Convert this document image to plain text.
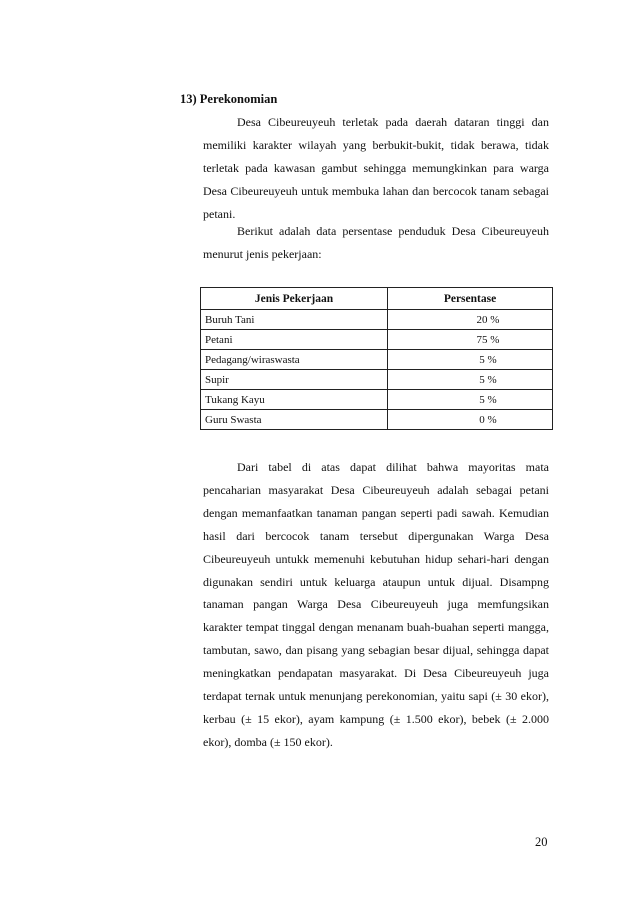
13) Perekonomian

Desa Cibeureuyeuh terletak pada daerah dataran tinggi dan memiliki karakter wilayah yang berbukit-bukit, tidak berawa, tidak terletak pada kawasan gambut sehingga memungkinkan para warga Desa Cibeureuyeuh untuk membuka lahan dan bercocok tanam sebagai petani.

Berikut adalah data persentase penduduk Desa Cibeureuyeuh menurut jenis pekerjaan:

Jenis Pekerjaan	Persentase
Buruh Tani	20 %
Petani	75 %
Pedagang/wiraswasta	5 %
Supir	5 %
Tukang Kayu	5 %
Guru Swasta	0 %

Dari tabel di atas dapat dilihat bahwa mayoritas mata pencaharian masyarakat Desa Cibeureuyeuh adalah sebagai petani dengan memanfaatkan tanaman pangan seperti padi sawah. Kemudian hasil dari bercocok tanam tersebut dipergunakan Warga Desa Cibeureuyeuh untukk memenuhi kebutuhan hidup sehari-hari dengan digunakan sendiri untuk keluarga ataupun untuk dijual. Disampng tanaman pangan Warga Desa Cibeureuyeuh juga memfungsikan karakter tempat tinggal dengan menanam buah-buahan seperti mangga, tambutan, sawo, dan pisang yang sebagian besar dijual, sehingga dapat meningkatkan pendapatan masyarakat. Di Desa Cibeureuyeuh juga terdapat ternak untuk menunjang perekonomian, yaitu sapi (± 30 ekor), kerbau (± 15 ekor), ayam kampung (± 1.500 ekor), bebek (± 2.000 ekor), domba (± 150 ekor).

20
